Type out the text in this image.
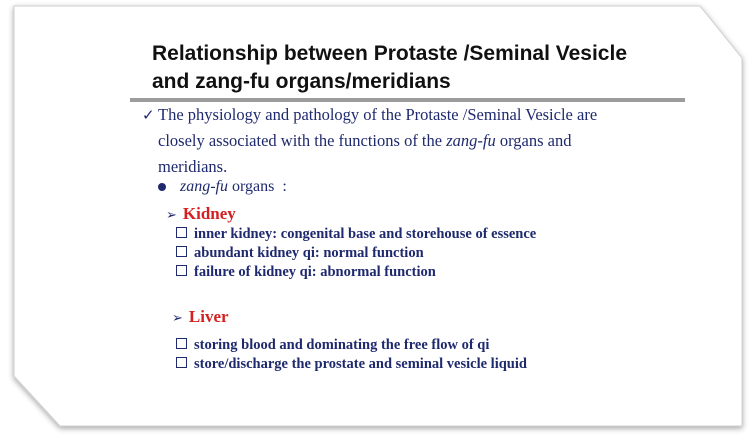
Relationship between Protaste /Seminal Vesicle
and zang-fu organs/meridians
✓ The physiology and pathology of the Protaste /Seminal Vesicle are
closely associated with the functions of the zang-fu organs and
meridians.
zang-fu organs  :
➢ Kidney
inner kidney: congenital base and storehouse of essence
abundant kidney qi: normal function
failure of kidney qi: abnormal function
➢ Liver
storing blood and dominating the free flow of qi
store/discharge the prostate and seminal vesicle liquid
